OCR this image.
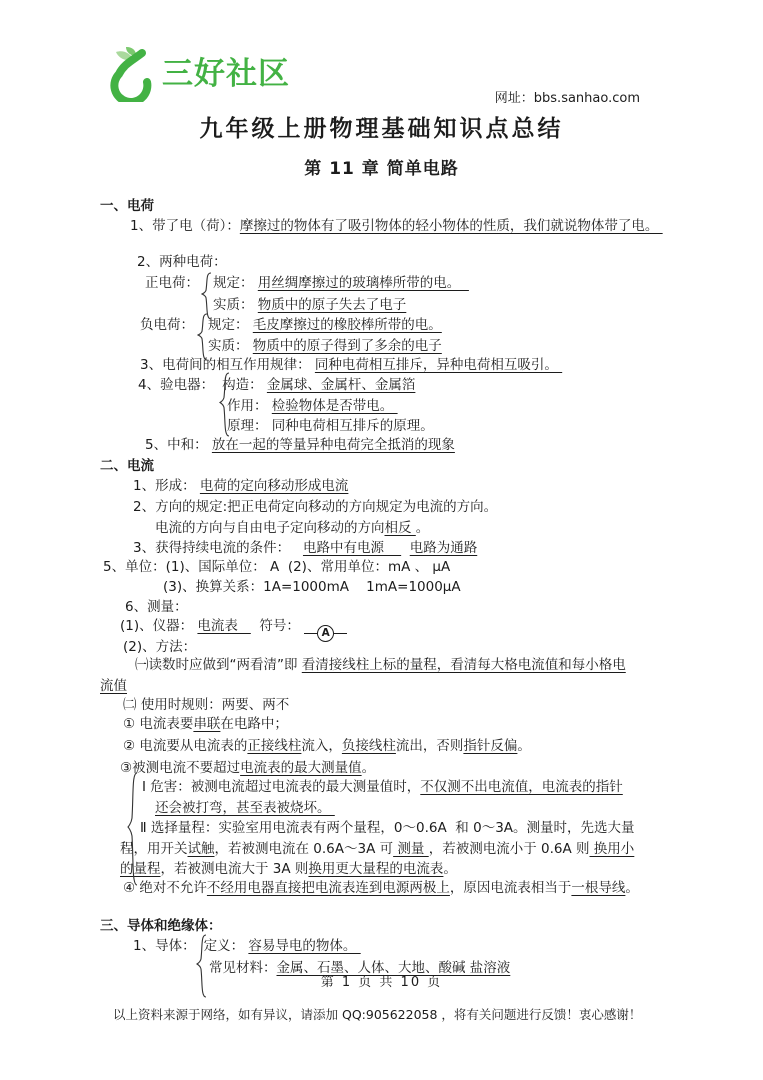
三好社区
网址：bbs.sanhao.com
九年级上册物理基础知识点总结
第 11 章 简单电路
一、电荷
1、带了电（荷）：摩擦过的物体有了吸引物体的轻小物体的性质，我们就说物体带了电。
2、两种电荷：
正电荷： 规定： 用丝绸摩擦过的玻璃棒所带的电。
实质： 物质中的原子失去了电子
负电荷： 规定： 毛皮摩擦过的橡胶棒所带的电。
实质： 物质中的原子得到了多余的电子
3、电荷间的相互作用规律： 同种电荷相互排斥，异种电荷相互吸引。
4、验电器： 构造： 金属球、金属杆、金属箔
作用： 检验物体是否带电。
原理： 同种电荷相互排斥的原理。
5、中和： 放在一起的等量异种电荷完全抵消的现象
二、电流
1、形成： 电荷的定向移动形成电流
2、方向的规定:把正电荷定向移动的方向规定为电流的方向。
电流的方向与自由电子定向移动的方向相反 。
3、获得持续电流的条件：   电路中有电源      电路为通路
5、单位：(1)、国际单位： A  (2)、常用单位：mA 、 μA
(3)、换算关系：1A=1000mA    1mA=1000μA
6、测量：
(1)、仪器： 电流表     符号：	A
(2)、方法：
㈠读数时应做到“两看清”即 看清接线柱上标的量程，看清每大格电流值和每小格电
流值
㈡ 使用时规则：两要、两不
① 电流表要串联在电路中；
② 电流要从电流表的正接线柱流入，负接线柱流出，否则指针反偏。
③被测电流不要超过电流表的最大测量值。
Ⅰ 危害：被测电流超过电流表的最大测量值时，不仅测不出电流值，电流表的指针
还会被打弯，甚至表被烧坏。
Ⅱ 选择量程：实验室用电流表有两个量程，0～0.6A  和 0～3A。测量时，先选大量
程，用开关试触，若被测电流在 0.6A～3A 可 测量 ，若被测电流小于 0.6A 则 换用小
的量程，若被测电流大于 3A 则换用更大量程的电流表。
④ 绝对不允许不经用电器直接把电流表连到电源两极上，原因电流表相当于一根导线。
三、导体和绝缘体：
1、导体： 定义： 容易导电的物体。
常见材料：金属、石墨、人体、大地、酸碱 盐溶液
第 1 页 共 10 页
以上资料来源于网络，如有异议，请添加 QQ:905622058 ，将有关问题进行反馈！衷心感谢！
